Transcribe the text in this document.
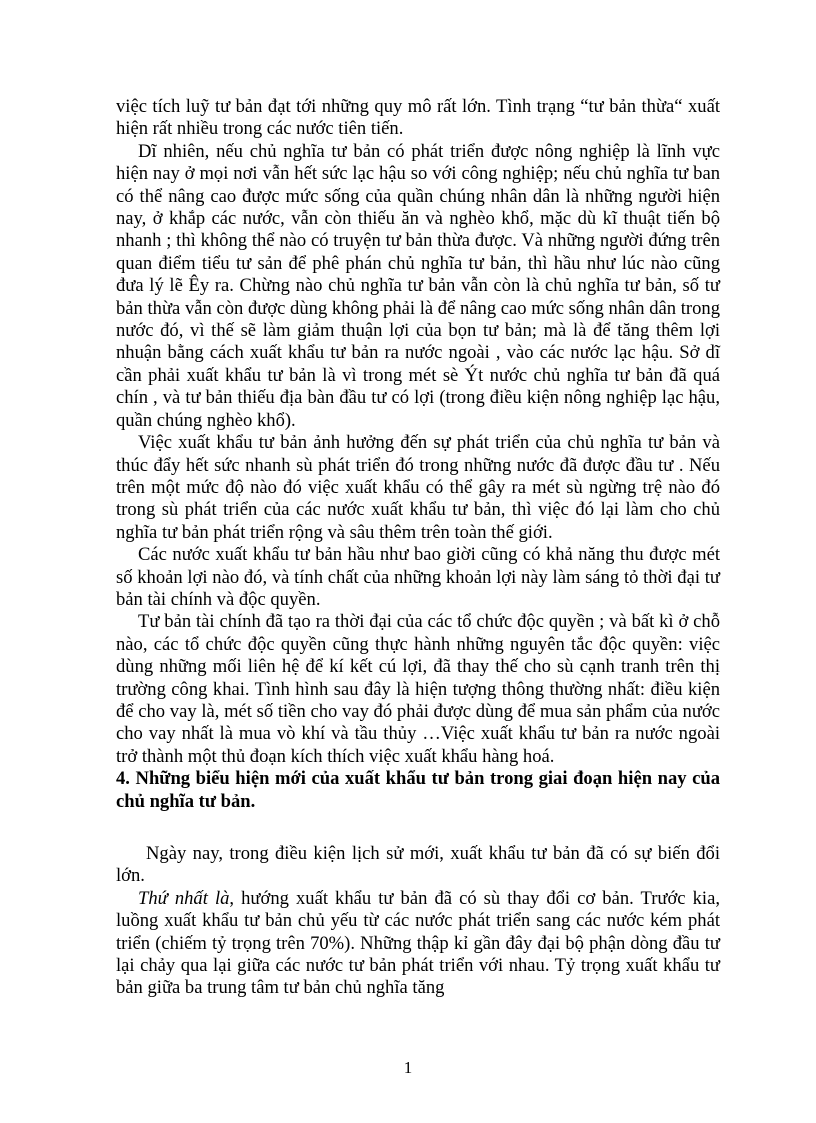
việc tích luỹ tư bản đạt tới những quy mô rất lớn. Tình trạng “tư bản thừa“ xuất hiện rất nhiều trong các nước tiên tiến.

Dĩ nhiên, nếu chủ nghĩa tư bản có phát triển được nông nghiệp là lĩnh vực hiện nay ở mọi nơi vẫn hết sức lạc hậu so với công nghiệp; nếu chủ nghĩa tư ban có thể nâng cao được mức sống của quần chúng nhân dân là những người hiện nay, ở khắp các nước, vẫn còn thiếu ăn và nghèo khổ, mặc dù kĩ thuật tiến bộ nhanh ; thì không thể nào có truyện tư bản thừa được. Và những người đứng trên quan điểm tiểu tư sản để phê phán chủ nghĩa tư bản, thì hầu như lúc nào cũng đưa lý lẽ Êy ra. Chừng nào chủ nghĩa tư bản vẫn còn là chủ nghĩa tư bản, số tư bản thừa vẫn còn được dùng không phải là để nâng cao mức sống nhân dân trong nước đó, vì thế sẽ làm giảm thuận lợi của bọn tư bản; mà là để tăng thêm lợi nhuận bằng cách xuất khẩu tư bản ra nước ngoài , vào các nước lạc hậu. Sở dĩ cần phải xuất khẩu tư bản là vì trong mét sè Ýt nước chủ nghĩa tư bản đã quá chín , và tư bản thiếu địa bàn đầu tư có lợi (trong điều kiện nông nghiệp lạc hậu, quần chúng nghèo khổ).

Việc xuất khẩu tư bản ảnh hưởng đến sự phát triển của chủ nghĩa tư bản và thúc đẩy hết sức nhanh sù phát triển đó trong những nước đã được đầu tư . Nếu trên một mức độ nào đó việc xuất khẩu có thể gây ra mét sù ngừng trệ nào đó trong sù phát triển của các nước xuất khẩu tư bản, thì việc đó lại làm cho chủ nghĩa tư bản phát triển rộng và sâu thêm trên toàn thế giới.

Các nước xuất khẩu tư bản hầu như bao giời cũng có khả năng thu được mét số khoản lợi nào đó, và tính chất của những khoản lợi này làm sáng tỏ thời đại tư bản tài chính và độc quyền.

Tư bản tài chính đã tạo ra thời đại của các tổ chức độc quyền ; và bất kì ở chỗ nào, các tổ chức độc quyền cũng thực hành những nguyên tắc độc quyền: việc dùng những mối liên hệ để kí kết cú lợi, đã thay thế cho sù cạnh tranh trên thị trường công khai. Tình hình sau đây là hiện tượng thông thường nhất: điều kiện để cho vay là, mét số tiền cho vay đó phải được dùng để mua sản phẩm của nước cho vay nhất là mua vò khí và tầu thủy …Việc xuất khẩu tư bản ra nước ngoài trở thành một thủ đoạn kích thích việc xuất khẩu hàng hoá.

4. Những biểu hiện mới của xuất khẩu tư bản trong giai đoạn hiện nay của chủ nghĩa tư bản.

Ngày nay, trong điều kiện lịch sử mới, xuất khẩu tư bản đã có sự biến đổi lớn.

Thứ nhất là, hướng xuất khẩu tư bản đã có sù thay đổi cơ bản. Trước kia, luồng xuất khẩu tư bản chủ yếu từ các nước phát triển sang các nước kém phát triển (chiếm tỷ trọng trên 70%). Những thập kỉ gần đây đại bộ phận dòng đầu tư lại chảy qua lại giữa các nước tư bản phát triển với nhau. Tỷ trọng xuất khẩu tư bản giữa ba trung tâm tư bản chủ nghĩa tăng

1
